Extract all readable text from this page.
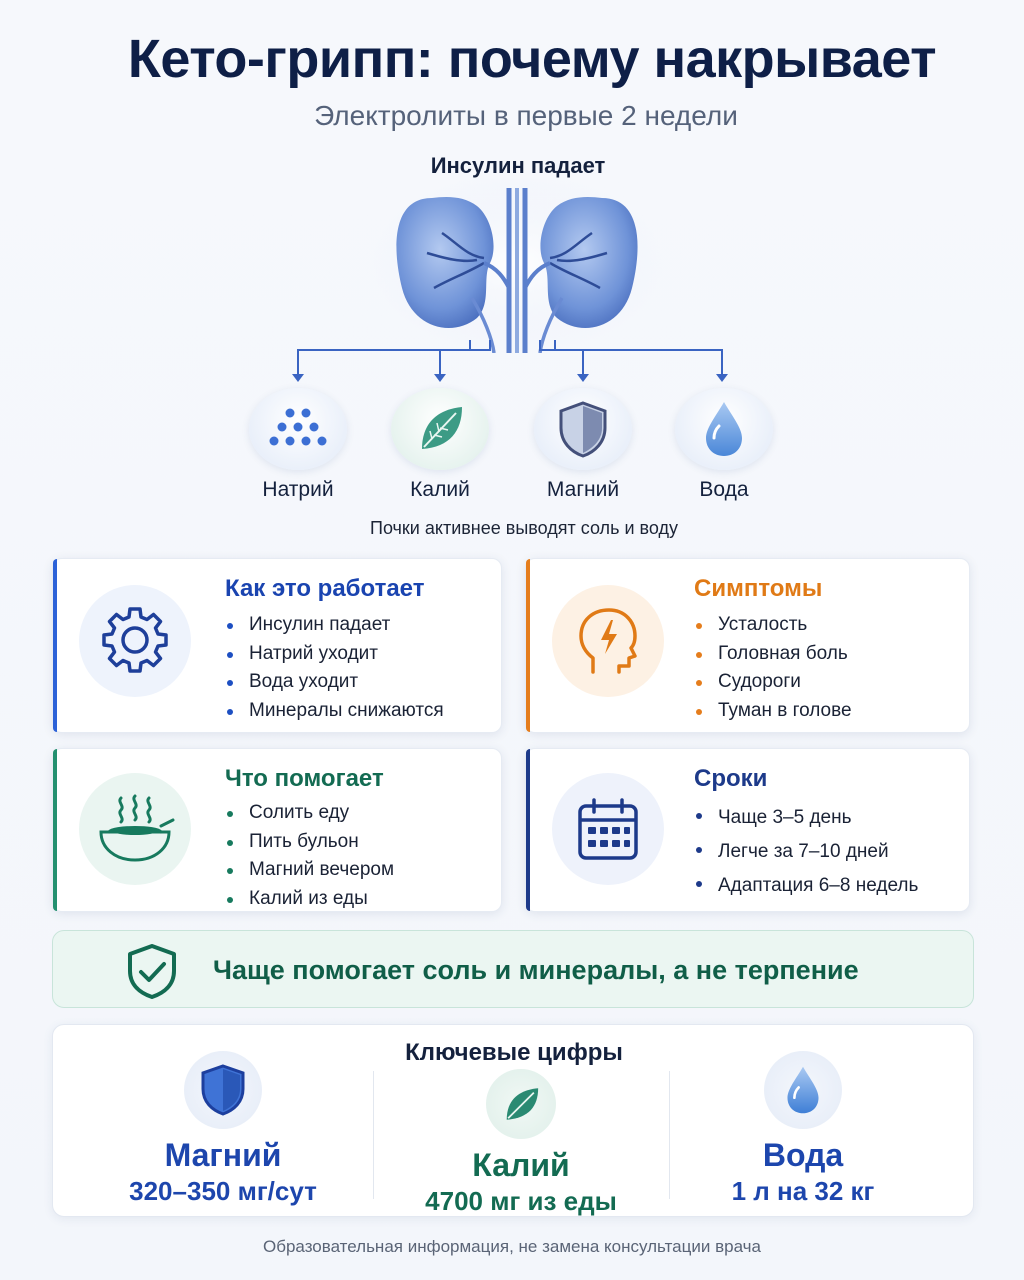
Кето-грипп: почему накрывает
Электролиты в первые 2 недели
Инсулин падает
Натрий	Калий	Магний	Вода
Почки активнее выводят соль и воду
Как это работает
Инсулин падает
Натрий уходит
Вода уходит
Минералы снижаются
Симптомы
Усталость
Головная боль
Судороги
Туман в голове
Что помогает
Солить еду
Пить бульон
Магний вечером
Калий из еды
Сроки
Чаще 3–5 день
Легче за 7–10 дней
Адаптация 6–8 недель
Чаще помогает соль и минералы, а не терпение
Ключевые цифры
Магний
320–350 мг/сут
Калий
4700 мг из еды
Вода
1 л на 32 кг
Образовательная информация, не замена консультации врача
